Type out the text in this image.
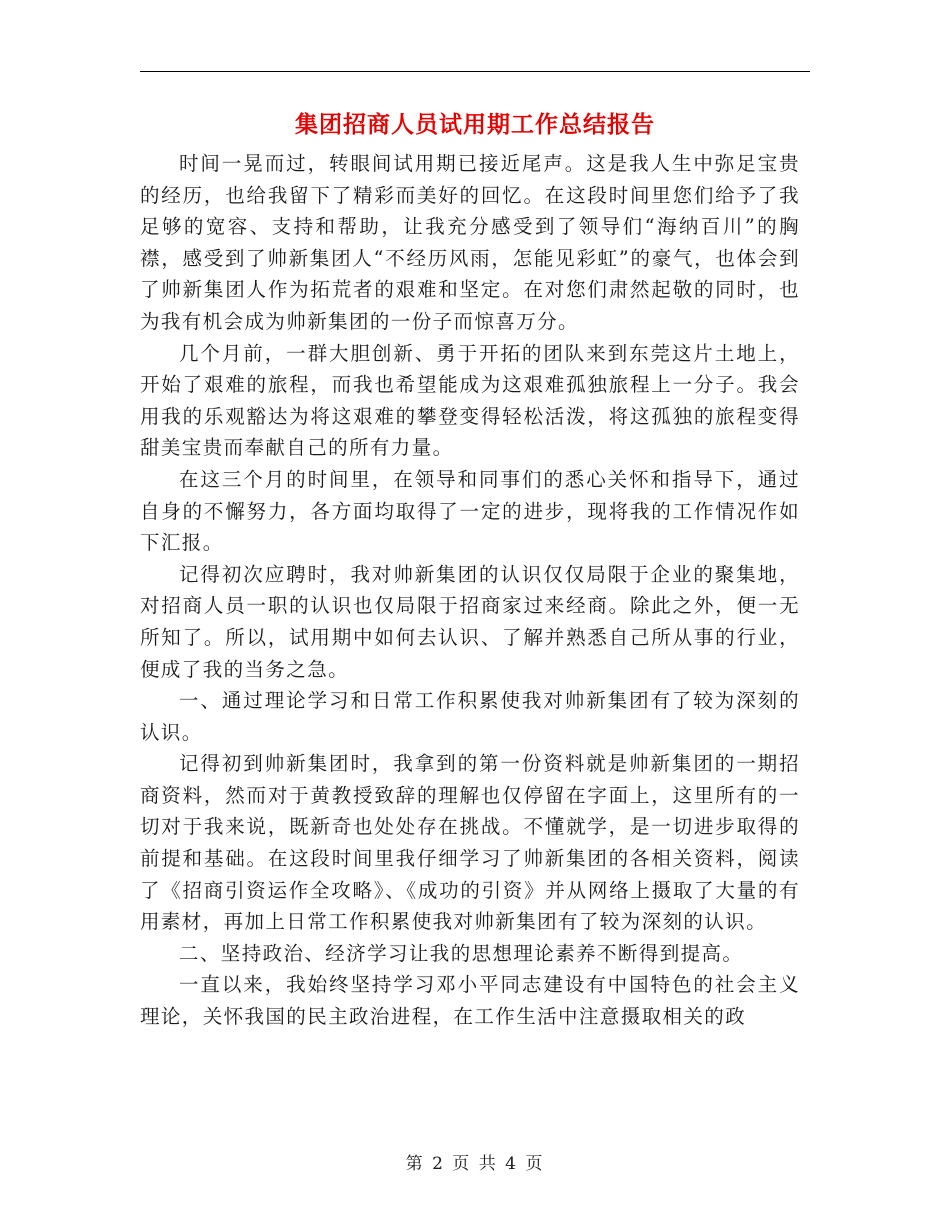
集团招商人员试用期工作总结报告

时间一晃而过，转眼间试用期已接近尾声。这是我人生中弥足宝贵的经历，也给我留下了精彩而美好的回忆。在这段时间里您们给予了我足够的宽容、支持和帮助，让我充分感受到了领导们“海纳百川”的胸襟，感受到了帅新集团人“不经历风雨，怎能见彩虹”的豪气，也体会到了帅新集团人作为拓荒者的艰难和坚定。在对您们肃然起敬的同时，也为我有机会成为帅新集团的一份子而惊喜万分。

几个月前，一群大胆创新、勇于开拓的团队来到东莞这片土地上，开始了艰难的旅程，而我也希望能成为这艰难孤独旅程上一分子。我会用我的乐观豁达为将这艰难的攀登变得轻松活泼，将这孤独的旅程变得甜美宝贵而奉献自己的所有力量。

在这三个月的时间里，在领导和同事们的悉心关怀和指导下，通过自身的不懈努力，各方面均取得了一定的进步，现将我的工作情况作如下汇报。

记得初次应聘时，我对帅新集团的认识仅仅局限于企业的聚集地，对招商人员一职的认识也仅局限于招商家过来经商。除此之外，便一无所知了。所以，试用期中如何去认识、了解并熟悉自己所从事的行业，便成了我的当务之急。

一、通过理论学习和日常工作积累使我对帅新集团有了较为深刻的认识。

记得初到帅新集团时，我拿到的第一份资料就是帅新集团的一期招商资料，然而对于黄教授致辞的理解也仅停留在字面上，这里所有的一切对于我来说，既新奇也处处存在挑战。不懂就学，是一切进步取得的前提和基础。在这段时间里我仔细学习了帅新集团的各相关资料，阅读了《招商引资运作全攻略》、《成功的引资》并从网络上摄取了大量的有用素材，再加上日常工作积累使我对帅新集团有了较为深刻的认识。

二、坚持政治、经济学习让我的思想理论素养不断得到提高。

一直以来，我始终坚持学习邓小平同志建设有中国特色的社会主义理论，关怀我国的民主政治进程，在工作生活中注意摄取相关的政

第 2 页 共 4 页
